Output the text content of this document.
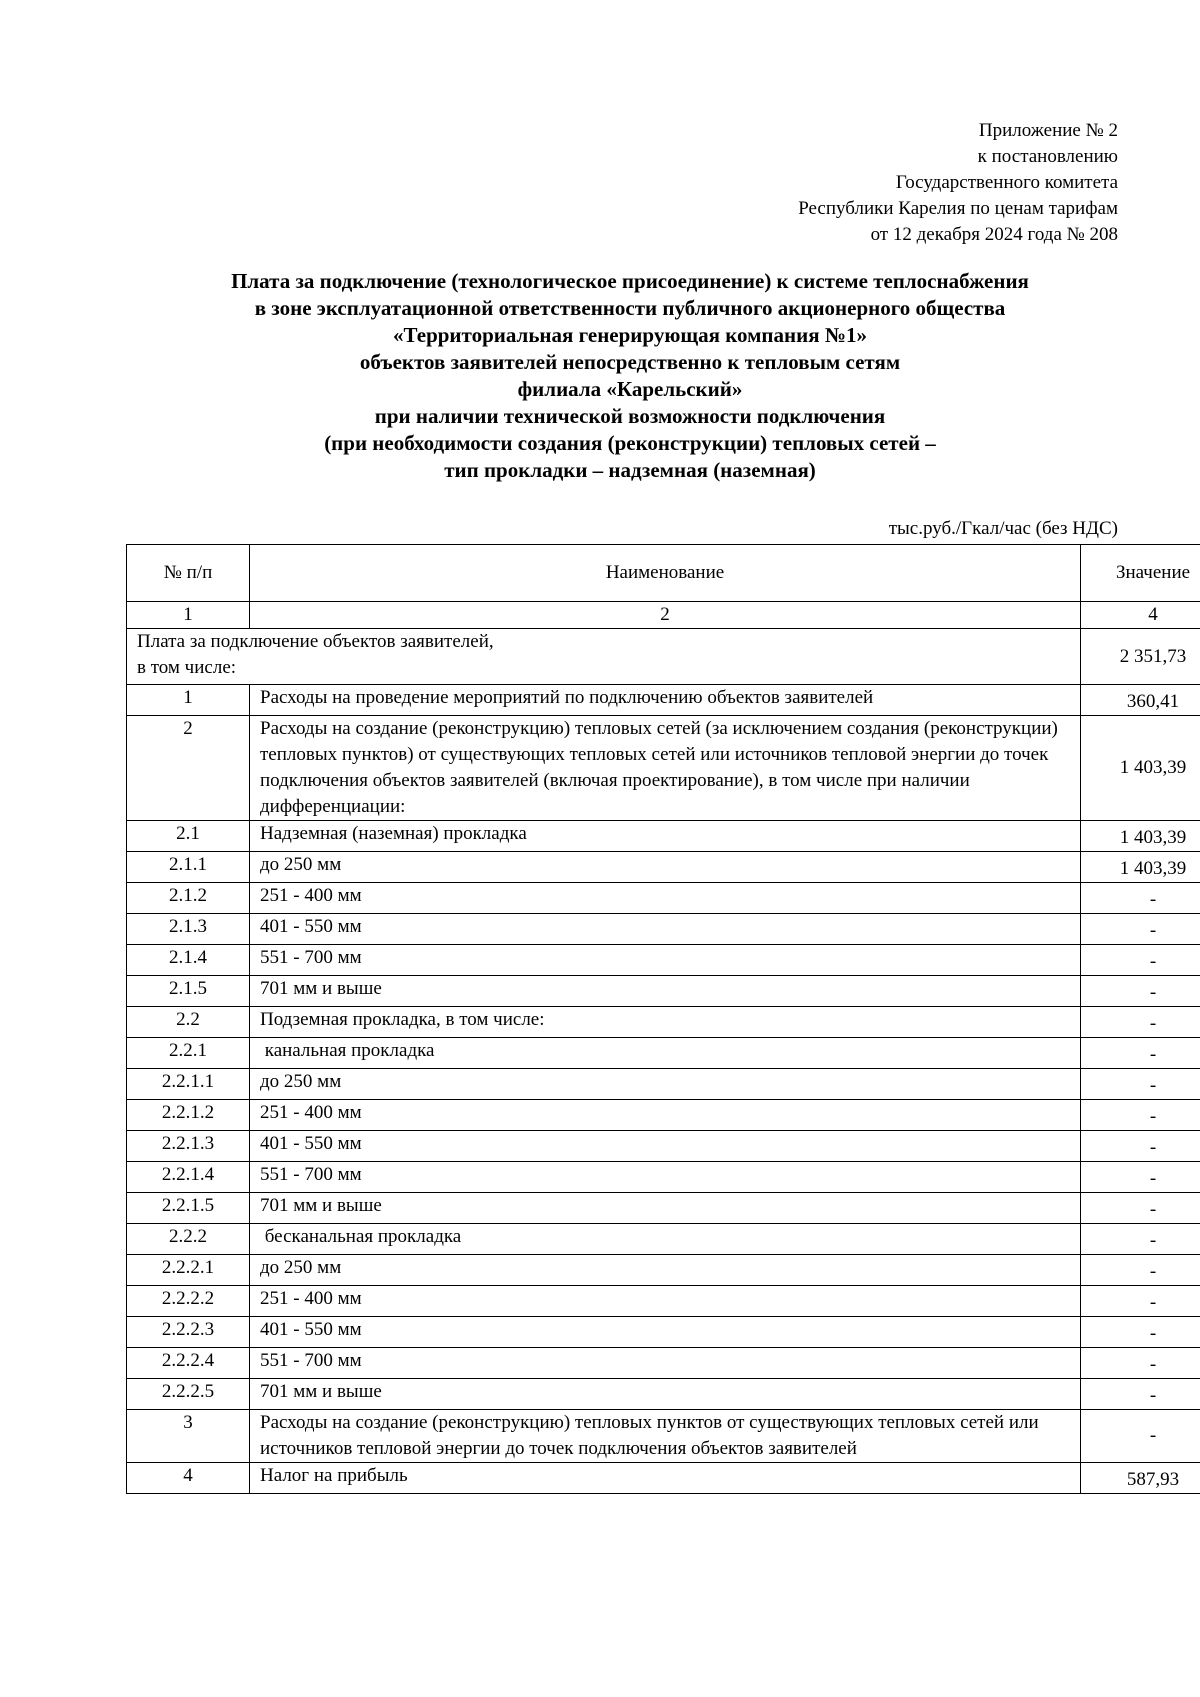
Приложение № 2
к постановлению
Государственного комитета
Республики Карелия по ценам тарифам
от 12 декабря 2024 года № 208
Плата за подключение (технологическое присоединение) к системе теплоснабжения
в зоне эксплуатационной ответственности публичного акционерного общества
«Территориальная генерирующая компания №1»
объектов заявителей непосредственно к тепловым сетям
филиала «Карельский»
при наличии технической возможности подключения
(при необходимости создания (реконструкции) тепловых сетей –
тип прокладки – надземная (наземная)
тыс.руб./Гкал/час (без НДС)
№ п/п	Наименование	Значение
1	2	4
Плата за подключение объектов заявителей,
в том числе:		2 351,73
1	Расходы на проведение мероприятий по подключению объектов заявителей	360,41
2	Расходы на создание (реконструкцию) тепловых сетей (за исключением создания (реконструкции) тепловых пунктов) от существующих тепловых сетей или источников тепловой энергии до точек подключения объектов заявителей (включая проектирование), в том числе при наличии дифференциации:	1 403,39
2.1	Надземная (наземная) прокладка	1 403,39
2.1.1	до 250 мм	1 403,39
2.1.2	251 - 400 мм	-
2.1.3	401 - 550 мм	-
2.1.4	551 - 700 мм	-
2.1.5	701 мм и выше	-
2.2	Подземная прокладка, в том числе:	-
2.2.1	канальная прокладка	-
2.2.1.1	до 250 мм	-
2.2.1.2	251 - 400 мм	-
2.2.1.3	401 - 550 мм	-
2.2.1.4	551 - 700 мм	-
2.2.1.5	701 мм и выше	-
2.2.2	бесканальная прокладка	-
2.2.2.1	до 250 мм	-
2.2.2.2	251 - 400 мм	-
2.2.2.3	401 - 550 мм	-
2.2.2.4	551 - 700 мм	-
2.2.2.5	701 мм и выше	-
3	Расходы на создание (реконструкцию) тепловых пунктов от существующих тепловых сетей или источников тепловой энергии до точек подключения объектов заявителей	-
4	Налог на прибыль	587,93
